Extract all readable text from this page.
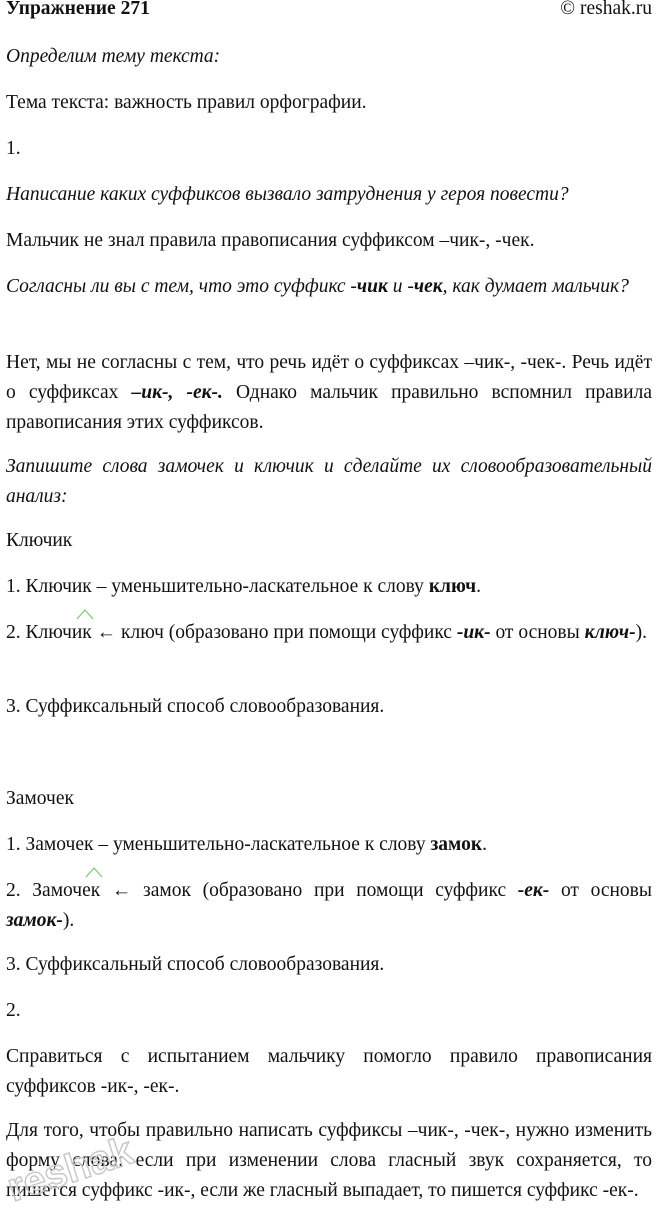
Упражнение 271	© reshak.ru

Определим тему текста:

Тема текста: важность правил орфографии.

1.

Написание каких суффиксов вызвало затруднения у героя повести?

Мальчик не знал правила правописания суффиксом –чик-, -чек.

Согласны ли вы с тем, что это суффикс -чик и -чек, как думает мальчик?

Нет, мы не согласны с тем, что речь идёт о суффиксах –чик-, -чек-. Речь идёт о суффиксах –ик-, -ек-. Однако мальчик правильно вспомнил правила правописания этих суффиксов.

Запишите слова замочек и ключик и сделайте их словообразовательный анализ:

Ключик

1. Ключик – уменьшительно-ласкательное к слову ключ.

2. Ключ
ик ← ключ (образовано при помощи суффикс -ик- от основы ключ-).

3. Суффиксальный способ словообразования.

Замочек

1. Замочек – уменьшительно-ласкательное к слову замок.

2. Замоч
ек ← замок (образовано при помощи суффикс -ек- от основы замок-).

3. Суффиксальный способ словообразования.

2.

Справиться с испытанием мальчику помогло правило правописания суффиксов -ик-, -ек-.

Для того, чтобы правильно написать суффиксы –чик-, -чек-, нужно изменить форму слова: если при изменении слова гласный звук сохраняется, то пишется суффикс -ик-, если же гласный выпадает, то пишется суффикс -ек-.

reshak
